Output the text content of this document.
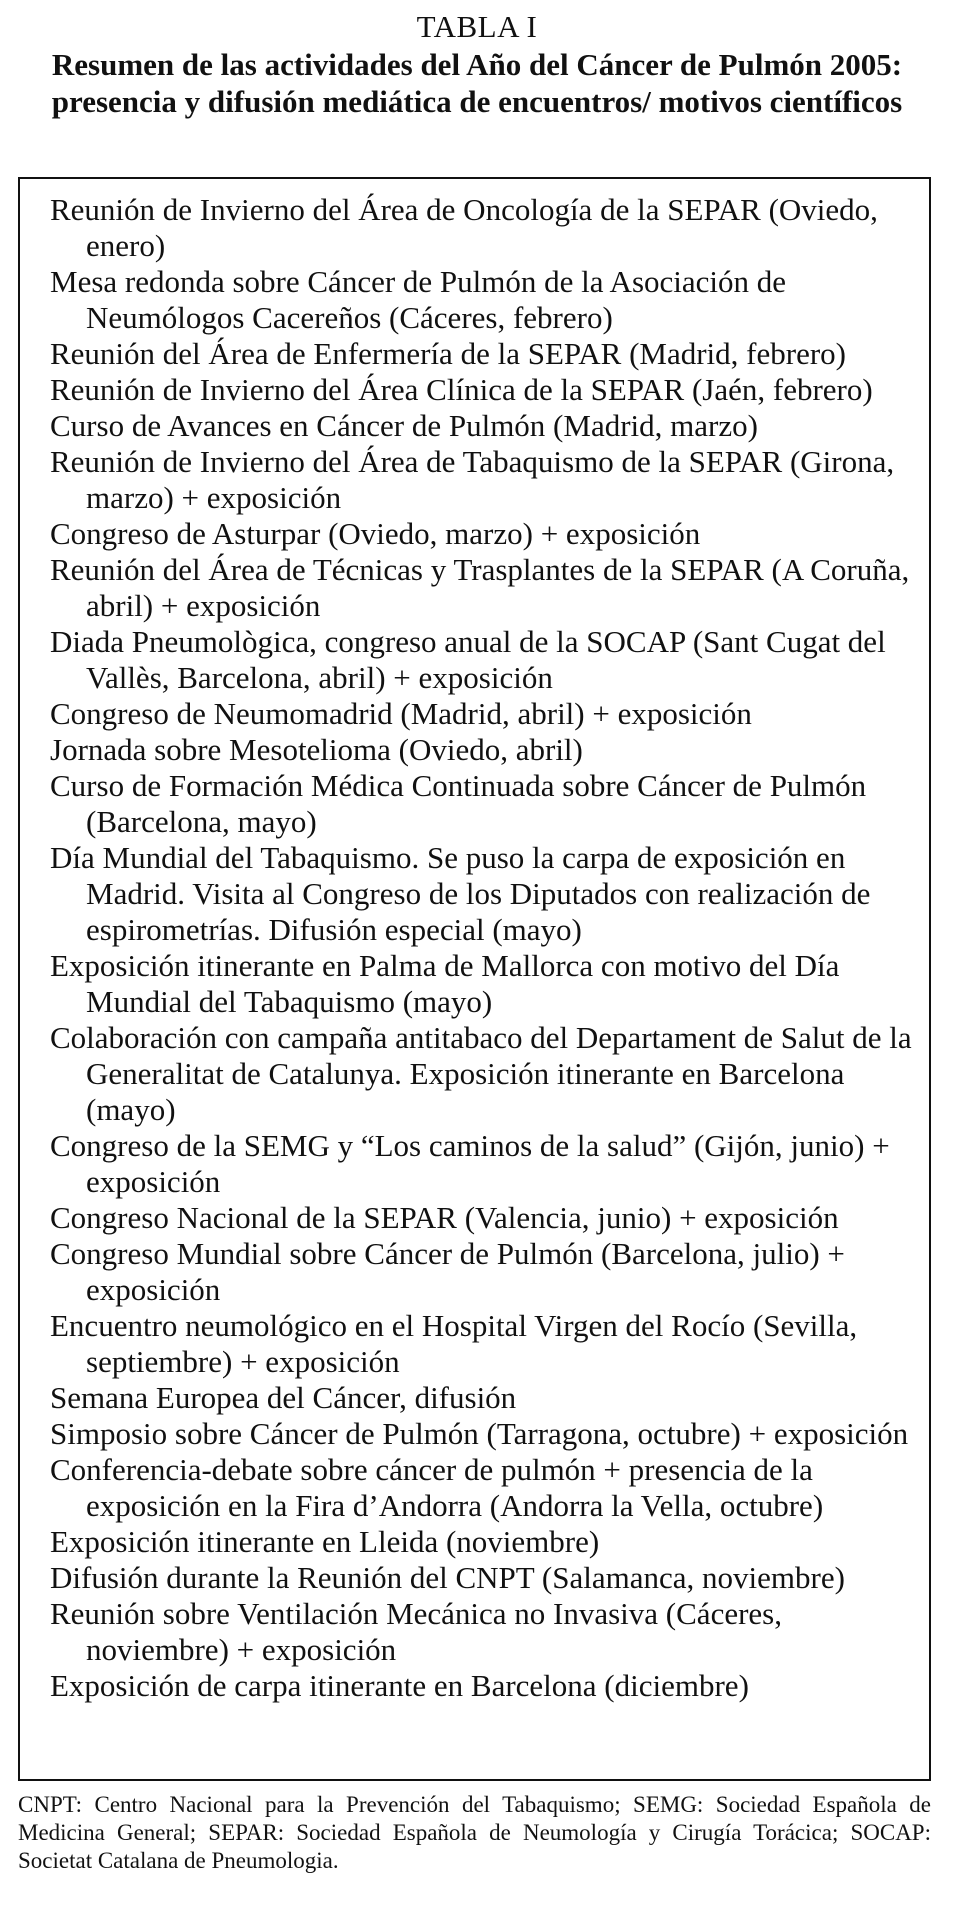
TABLA I
Resumen de las actividades del Año del Cáncer de Pulmón 2005: presencia y difusión mediática de encuentros/ motivos científicos
Reunión de Invierno del Área de Oncología de la SEPAR (Oviedo, enero)
Mesa redonda sobre Cáncer de Pulmón de la Asociación de Neumólogos Cacereños (Cáceres, febrero)
Reunión del Área de Enfermería de la SEPAR (Madrid, febrero)
Reunión de Invierno del Área Clínica de la SEPAR (Jaén, febrero)
Curso de Avances en Cáncer de Pulmón (Madrid, marzo)
Reunión de Invierno del Área de Tabaquismo de la SEPAR (Girona, marzo) + exposición
Congreso de Asturpar (Oviedo, marzo) + exposición
Reunión del Área de Técnicas y Trasplantes de la SEPAR (A Coruña, abril) + exposición
Diada Pneumològica, congreso anual de la SOCAP (Sant Cugat del Vallès, Barcelona, abril) + exposición
Congreso de Neumomadrid (Madrid, abril) + exposición
Jornada sobre Mesotelioma (Oviedo, abril)
Curso de Formación Médica Continuada sobre Cáncer de Pulmón (Barcelona, mayo)
Día Mundial del Tabaquismo. Se puso la carpa de exposición en Madrid. Visita al Congreso de los Diputados con realización de espirometrías. Difusión especial (mayo)
Exposición itinerante en Palma de Mallorca con motivo del Día Mundial del Tabaquismo (mayo)
Colaboración con campaña antitabaco del Departament de Salut de la Generalitat de Catalunya. Exposición itinerante en Barcelona (mayo)
Congreso de la SEMG y “Los caminos de la salud” (Gijón, junio) + exposición
Congreso Nacional de la SEPAR (Valencia, junio) + exposición
Congreso Mundial sobre Cáncer de Pulmón (Barcelona, julio) + exposición
Encuentro neumológico en el Hospital Virgen del Rocío (Sevilla, septiembre) + exposición
Semana Europea del Cáncer, difusión
Simposio sobre Cáncer de Pulmón (Tarragona, octubre) + exposición
Conferencia-debate sobre cáncer de pulmón + presencia de la exposición en la Fira d’Andorra (Andorra la Vella, octubre)
Exposición itinerante en Lleida (noviembre)
Difusión durante la Reunión del CNPT (Salamanca, noviembre)
Reunión sobre Ventilación Mecánica no Invasiva (Cáceres, noviembre) + exposición
Exposición de carpa itinerante en Barcelona (diciembre)

CNPT: Centro Nacional para la Prevención del Tabaquismo; SEMG: Sociedad Española de Medicina General; SEPAR: Sociedad Española de Neumología y Cirugía Torácica; SOCAP: Societat Catalana de Pneumologia.
